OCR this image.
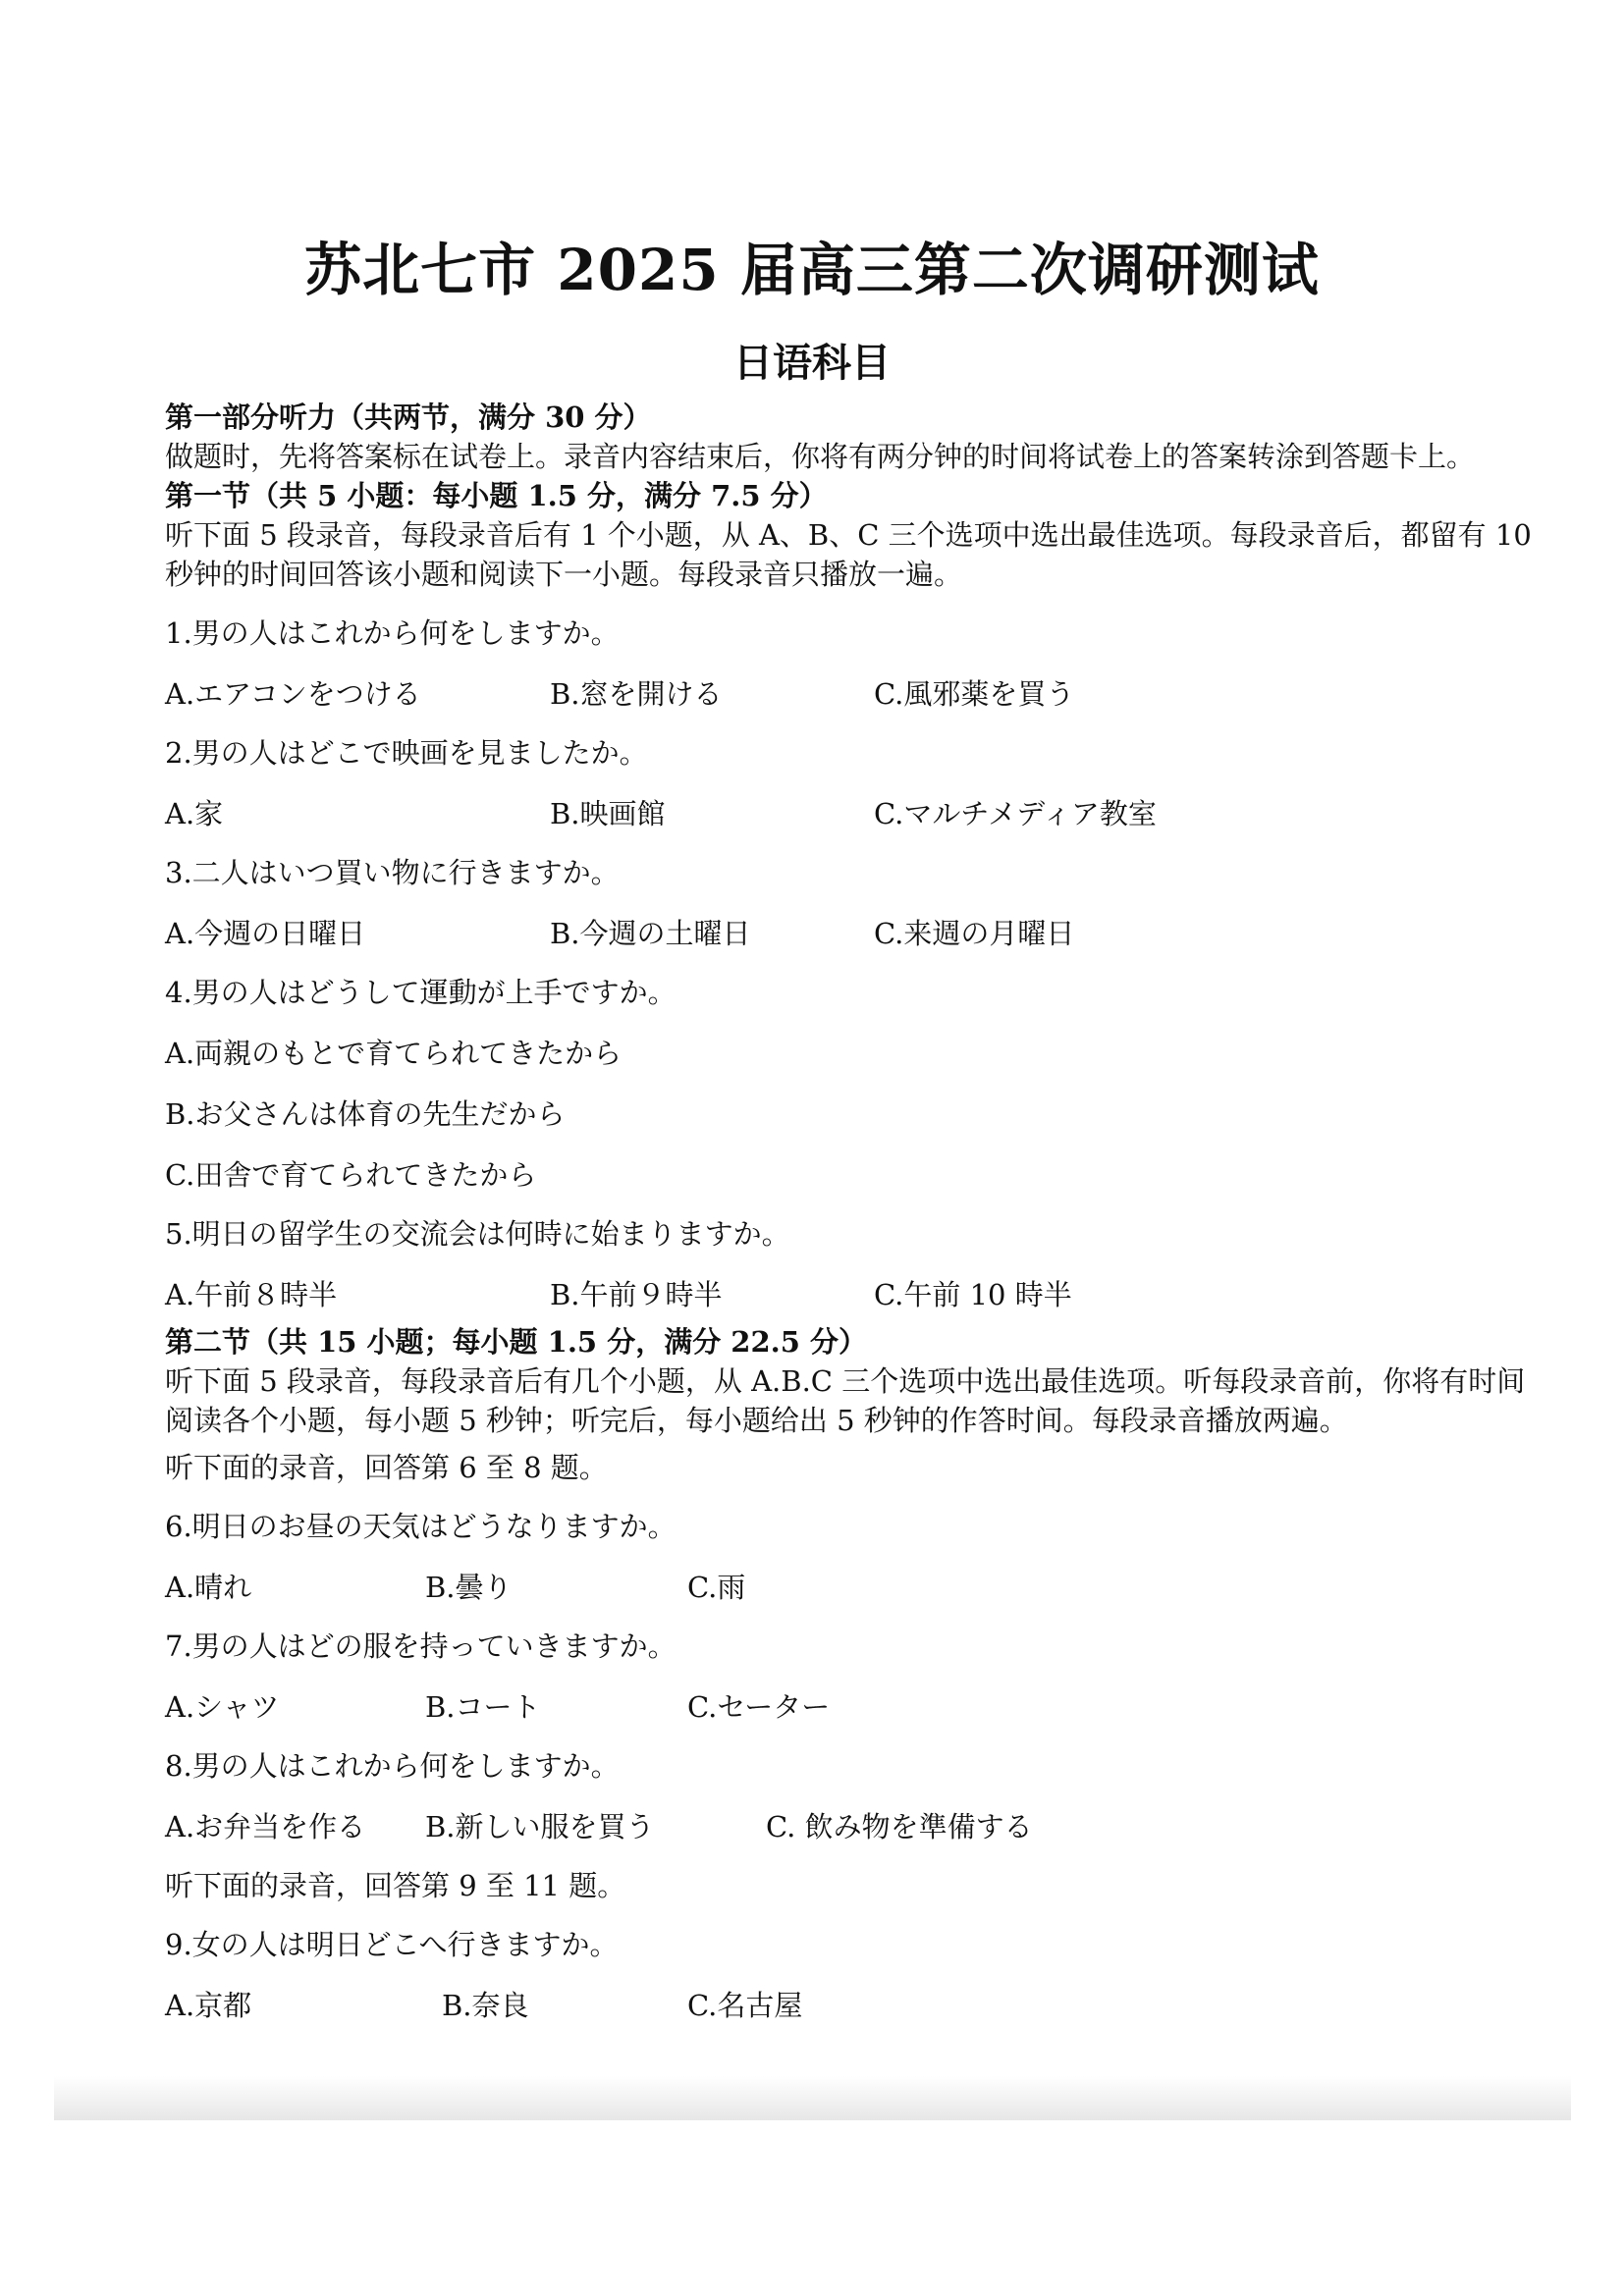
苏北七市 2025 届高三第二次调研测试
日语科目
第一部分听力（共两节，满分 30 分）
做题时，先将答案标在试卷上。录音内容结束后，你将有两分钟的时间将试卷上的答案转涂到答题卡上。
第一节（共 5 小题：每小题 1.5 分，满分 7.5 分）
听下面 5 段录音，每段录音后有 1 个小题，从 A、B、C 三个选项中选出最佳选项。每段录音后，都留有 10 秒钟的时间回答该小题和阅读下一小题。每段录音只播放一遍。
1.男の人はこれから何をしますか。
A.エアコンをつける	B.窓を開ける	C.風邪薬を買う
2.男の人はどこで映画を見ましたか。
A.家	B.映画館	C.マルチメディア教室
3.二人はいつ買い物に行きますか。
A.今週の日曜日	B.今週の土曜日	C.来週の月曜日
4.男の人はどうして運動が上手ですか。
A.両親のもとで育てられてきたから
B.お父さんは体育の先生だから
C.田舎で育てられてきたから
5.明日の留学生の交流会は何時に始まりますか。
A.午前８時半	B.午前９時半	C.午前 10 時半
第二节（共 15 小题；每小题 1.5 分，满分 22.5 分）
听下面 5 段录音，每段录音后有几个小题，从 A.B.C 三个选项中选出最佳选项。听每段录音前，你将有时间阅读各个小题，每小题 5 秒钟；听完后，每小题给出 5 秒钟的作答时间。每段录音播放两遍。
听下面的录音，回答第 6 至 8 题。
6.明日のお昼の天気はどうなりますか。
A.晴れ	B.曇り	C.雨
7.男の人はどの服を持っていきますか。
A.シャツ	B.コート	C.セーター
8.男の人はこれから何をしますか。
A.お弁当を作る B.新しい服を買う	C. 飲み物を準備する
听下面的录音，回答第 9 至 11 题。
9.女の人は明日どこへ行きますか。
A.京都	B.奈良	C.名古屋
